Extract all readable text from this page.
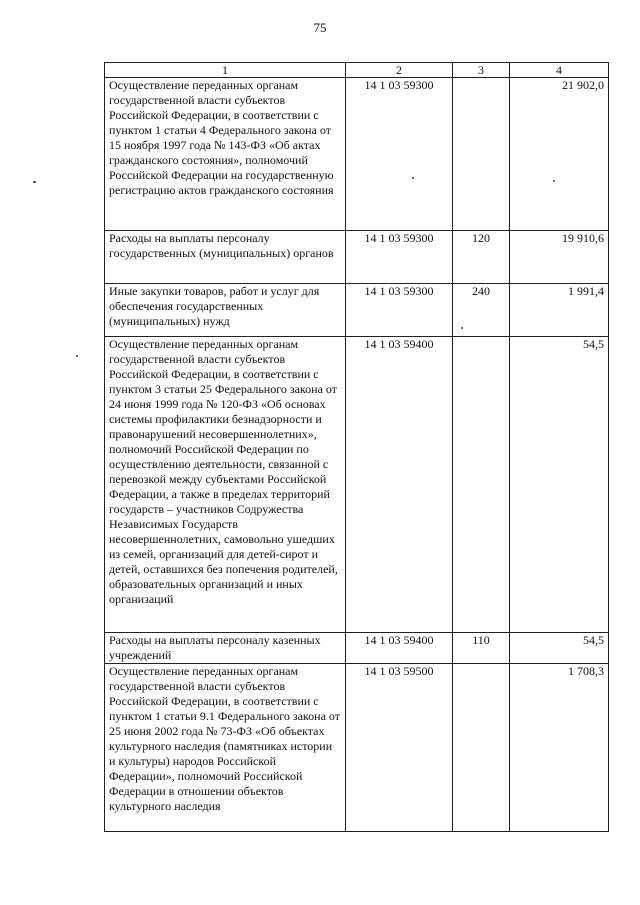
75
1	2	3	4
Осуществление переданных органам государственной власти субъектов Российской Федерации, в соответствии с пунктом 1 статьи 4 Федерального закона от 15 ноября 1997 года № 143-ФЗ «Об актах гражданского состояния», полномочий Российской Федерации на государственную регистрацию актов гражданского состояния	14 1 03 59300		21 902,0
Расходы на выплаты персоналу государственных (муниципальных) органов	14 1 03 59300	120	19 910,6
Иные закупки товаров, работ и услуг для обеспечения государственных (муниципальных) нужд	14 1 03 59300	240	1 991,4
Осуществление переданных органам государственной власти субъектов Российской Федерации, в соответствии с пунктом 3 статьи 25 Федерального закона от 24 июня 1999 года № 120-ФЗ «Об основах системы профилактики безнадзорности и правонарушений несовершеннолетних», полномочий Российской Федерации по осуществлению деятельности, связанной с перевозкой между субъектами Российской Федерации, а также в пределах территорий государств – участников Содружества Независимых Государств несовершеннолетних, самовольно ушедших из семей, организаций для детей-сирот и детей, оставшихся без попечения родителей, образовательных организаций и иных организаций	14 1 03 59400		54,5
Расходы на выплаты персоналу казенных учреждений	14 1 03 59400	110	54,5
Осуществление переданных органам государственной власти субъектов Российской Федерации, в соответствии с пунктом 1 статьи 9.1 Федерального закона от 25 июня 2002 года № 73-ФЗ «Об объектах культурного наследия (памятниках истории и культуры) народов Российской Федерации», полномочий Российской Федерации в отношении объектов культурного наследия	14 1 03 59500		1 708,3
